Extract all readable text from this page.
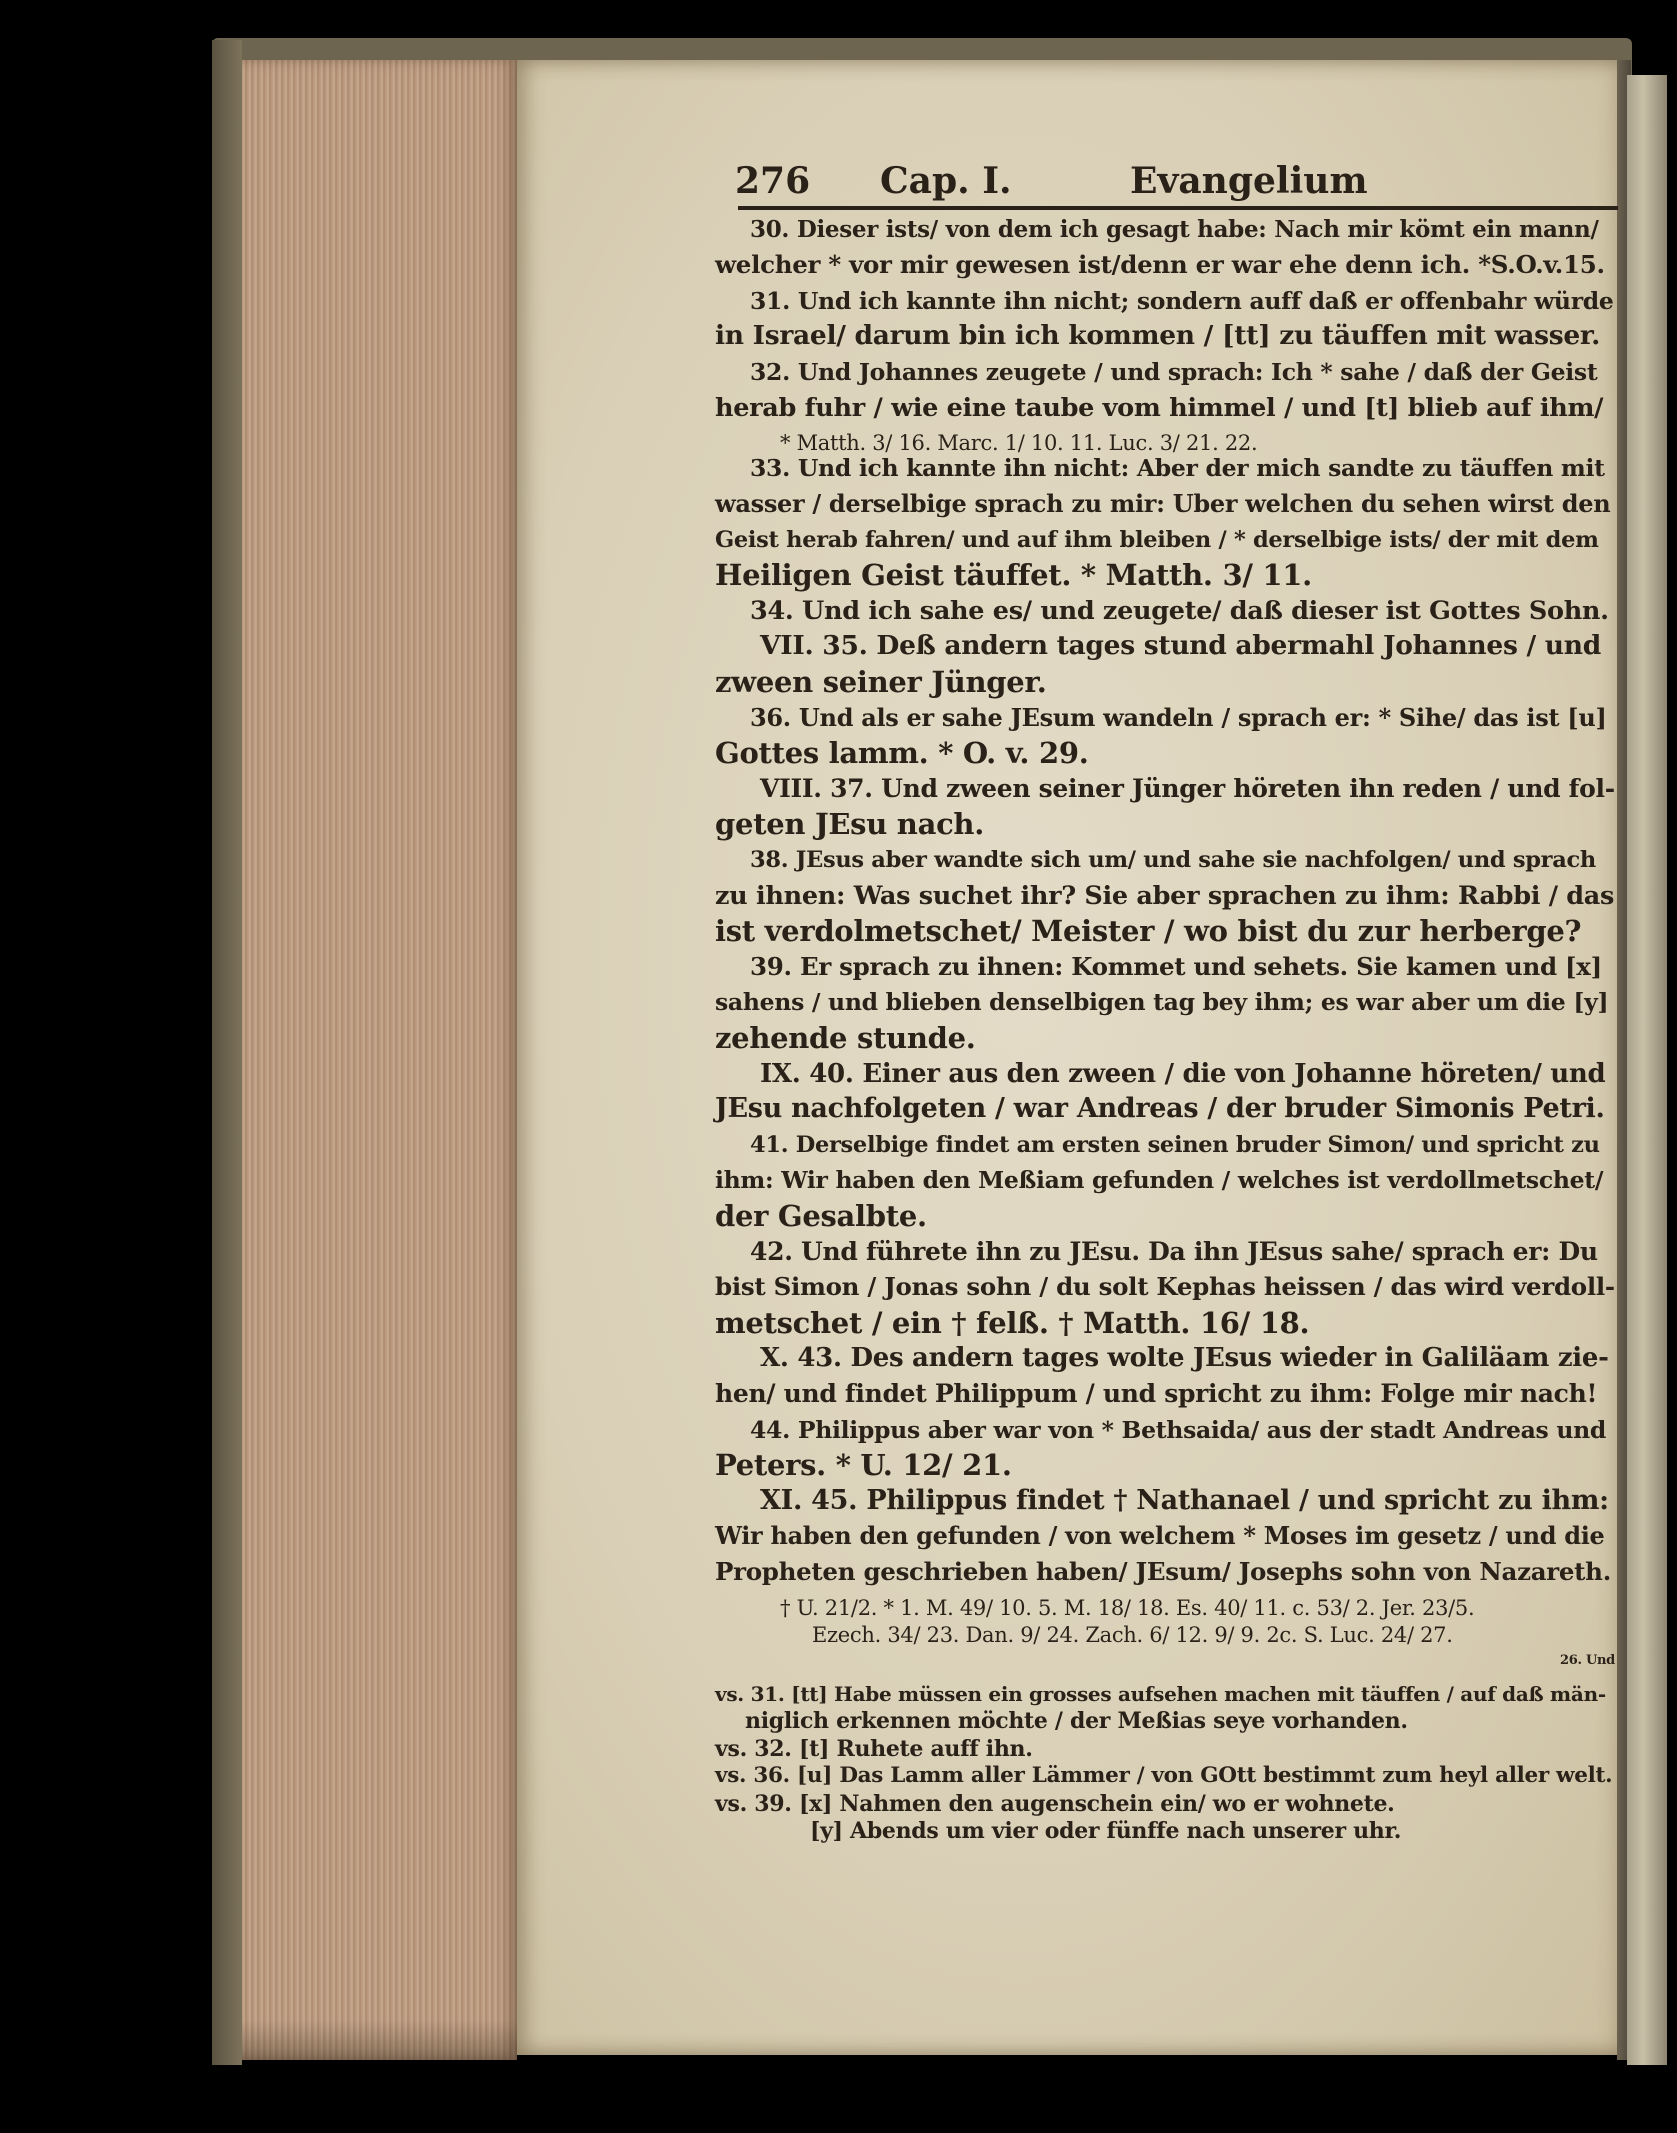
276 Cap. I.	Evangelium
30. Dieser ists/ von dem ich gesagt habe: Nach mir kömt ein mann/
welcher * vor mir gewesen ist/denn er war ehe denn ich. *S.O.v.15.
31. Und ich kannte ihn nicht; sondern auff daß er offenbahr würde
in Israel/ darum bin ich kommen / [tt] zu täuffen mit wasser.
32. Und Johannes zeugete / und sprach: Ich * sahe / daß der Geist
herab fuhr / wie eine taube vom himmel / und [t] blieb auf ihm/
* Matth. 3/ 16. Marc. 1/ 10. 11. Luc. 3/ 21. 22.
33. Und ich kannte ihn nicht: Aber der mich sandte zu täuffen mit
wasser / derselbige sprach zu mir: Uber welchen du sehen wirst den
Geist herab fahren/ und auf ihm bleiben / * derselbige ists/ der mit dem
Heiligen Geist täuffet. * Matth. 3/ 11.
34. Und ich sahe es/ und zeugete/ daß dieser ist Gottes Sohn.
VII. 35. Deß andern tages stund abermahl Johannes / und
zween seiner Jünger.
36. Und als er sahe JEsum wandeln / sprach er: * Sihe/ das ist [u]
Gottes lamm. * O. v. 29.
VIII. 37. Und zween seiner Jünger höreten ihn reden / und fol-
geten JEsu nach.
38. JEsus aber wandte sich um/ und sahe sie nachfolgen/ und sprach
zu ihnen: Was suchet ihr? Sie aber sprachen zu ihm: Rabbi / das
ist verdolmetschet/ Meister / wo bist du zur herberge?
39. Er sprach zu ihnen: Kommet und sehets. Sie kamen und [x]
sahens / und blieben denselbigen tag bey ihm; es war aber um die [y]
zehende stunde.
IX. 40. Einer aus den zween / die von Johanne höreten/ und
JEsu nachfolgeten / war Andreas / der bruder Simonis Petri.
41. Derselbige findet am ersten seinen bruder Simon/ und spricht zu
ihm: Wir haben den Meßiam gefunden / welches ist verdollmetschet/
der Gesalbte.
42. Und führete ihn zu JEsu. Da ihn JEsus sahe/ sprach er: Du
bist Simon / Jonas sohn / du solt Kephas heissen / das wird verdoll-
metschet / ein † felß. † Matth. 16/ 18.
X. 43. Des andern tages wolte JEsus wieder in Galiläam zie-
hen/ und findet Philippum / und spricht zu ihm: Folge mir nach!
44. Philippus aber war von * Bethsaida/ aus der stadt Andreas und
Peters. * U. 12/ 21.
XI. 45. Philippus findet † Nathanael / und spricht zu ihm:
Wir haben den gefunden / von welchem * Moses im gesetz / und die
Propheten geschrieben haben/ JEsum/ Josephs sohn von Nazareth.
† U. 21/2. * 1. M. 49/ 10. 5. M. 18/ 18. Es. 40/ 11. c. 53/ 2. Jer. 23/5.
Ezech. 34/ 23. Dan. 9/ 24. Zach. 6/ 12. 9/ 9. 2c. S. Luc. 24/ 27.
26. Und
vs. 31. [tt] Habe müssen ein grosses aufsehen machen mit täuffen / auf daß män-
niglich erkennen möchte / der Meßias seye vorhanden.
vs. 32. [t] Ruhete auff ihn.
vs. 36. [u] Das Lamm aller Lämmer / von GOtt bestimmt zum heyl aller welt.
vs. 39. [x] Nahmen den augenschein ein/ wo er wohnete.
[y] Abends um vier oder fünffe nach unserer uhr.
